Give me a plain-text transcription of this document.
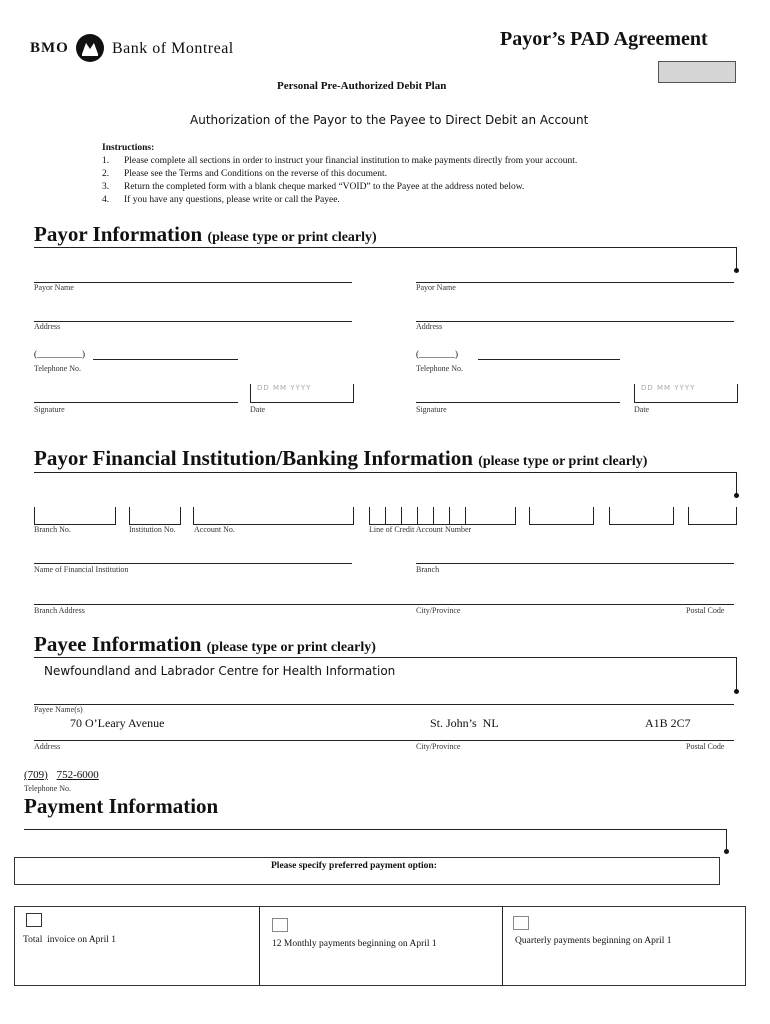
BMO	Bank of Montreal	Payor’s PAD Agreement
Personal Pre-Authorized Debit Plan
Authorization of the Payor to the Payee to Direct Debit an Account
Instructions:
1.	Please complete all sections in order to instruct your financial institution to make payments directly from your account.
2.	Please see the Terms and Conditions on the reverse of this document.
3.	Return the completed form with a blank cheque marked “VOID” to the Payee at the address noted below.
4.	If you have any questions, please write or call the Payee.
Payor Information (please type or print clearly)
Payor Name
Address
(__________)
Telephone No.
Signature
DD MM YYYY
Date
Payor Name
Address
(________)
Telephone No.
Signature
DD MM YYYY
Date
Payor Financial Institution/Banking Information (please type or print clearly)
Branch No.	Institution No. Account No.	Line of Credit Account Number
Name of Financial Institution	Branch
Branch Address	City/Province	Postal Code
Payee Information (please type or print clearly)
Newfoundland and Labrador Centre for Health Information
Payee Name(s)
70 O’Leary Avenue	St. John’s  NL	A1B 2C7
Address	City/Province	Postal Code
(709) 752-6000
Telephone No.
Payment Information
Please specify preferred payment option:
Total  invoice on April 1	12 Monthly payments beginning on April 1	Quarterly payments beginning on April 1
